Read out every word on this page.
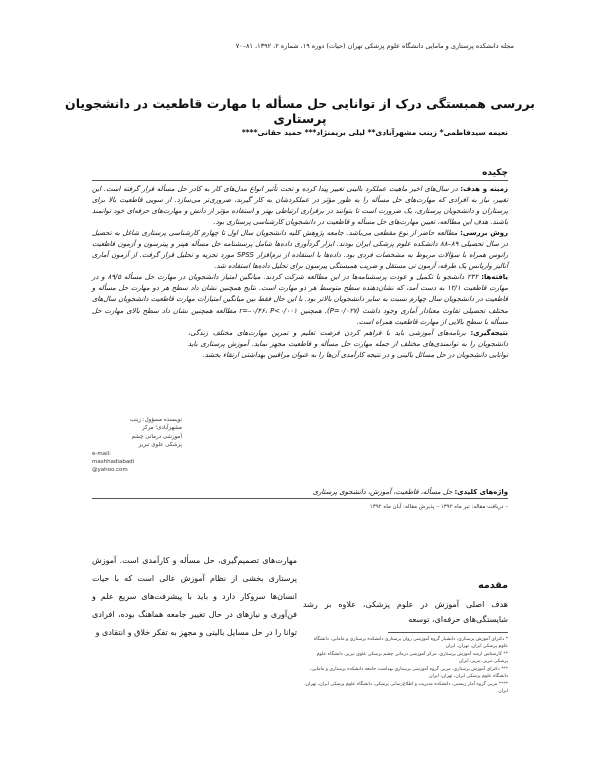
مجله دانشکده پرستاری و مامایی دانشگاه علوم پزشکی تهران (حیات) دوره ۱۹، شماره ۲، ۱۳۹۲، ۸۱–۷۰
بررسی همبستگی درک از توانایی حل مسأله با مهارت قاطعیت در دانشجویان پرستاری
نعیمه سیدفاطمی* زینب مشهرآبادی** لیلی بریمنژاد*** حمید حقانی****
چکیده

زمینه و هدف: در سال‌های اخیر ماهیت عملکرد بالینی تغییر پیدا کرده و تحت تأثیر انواع مدل‌های کار به کادر حل مسأله قرار گرفته است. این تغییر، نیاز به افرادی که مهارت‌های حل مسأله را به طور مؤثر در عملکردشان به کار گیرند، ضروری‌تر می‌سازد. از سویی قاطعیت بالا برای پرستاران و دانشجویان پرستاری، یک ضرورت است تا بتوانند در برقراری ارتباطی بهتر و استفاده مؤثر از دانش و مهارت‌های حرفه‌ای خود توانمند باشند. هدف این مطالعه، تعیین مهارت‌های حل مسأله و قاطعیت در دانشجویان کارشناسی پرستاری بود.

روش بررسی: مطالعه حاضر از نوع مقطعی می‌باشد. جامعه پژوهش کلیه دانشجویان سال اول تا چهارم کارشناسی پرستاری شاغل به تحصیل در سال تحصیلی ۸۹–۸۸ دانشکده علوم پزشکی ایران بودند. ابزار گردآوری داده‌ها شامل پرسشنامه حل مسأله هپنر و پیترسون و آزمون قاطعیت راتوس همراه با سؤالات مربوط به مشخصات فردی بود. داده‌ها با استفاده از نرم‌افزار SPSS مورد تجزیه و تحلیل قرار گرفت. از آزمون آماری آنالیز واریانس یک طرفه، آزمون تی مستقل و ضریب همبستگی پیرسون برای تحلیل داده‌ها استفاده شد.

یافته‌ها: ۲۳۲ دانشجو با تکمیل و عودت پرسشنامه‌ها در این مطالعه شرکت کردند. میانگین امتیاز دانشجویان در مهارت حل مسأله ۸۹/۵ و در مهارت قاطعیت ۱۲/۱ به دست آمد، که نشان‌دهنده سطح متوسط هر دو مهارت است. نتایج همچنین نشان داد سطح هر دو مهارت حل مسأله و قاطعیت در دانشجویان سال چهارم نسبت به سایر دانشجویان بالاتر بود. با این حال فقط بین میانگین امتیازات مهارت قاطعیت دانشجویان سال‌های مختلف تحصیلی تفاوت معنادار آماری وجود داشت (P=۰/۰۲۷). همچنین r=–۰/۴۶، P<۰/۰۰۱ مطالعه همچنین نشان داد سطح بالای مهارت حل مسأله با سطح بالایی از مهارت قاطعیت همراه است.

نتیجه‌گیری: برنامه‌های آموزشی باید با فراهم کردن فرصت تعلیم و تمرین مهارت‌های مختلف زندگی، دانشجویان را به توانمندی‌های مختلف از جمله مهارت حل مسأله و قاطعیت مجهز نماید. آموزش پرستاری باید توانایی دانشجویان در حل مسائل بالینی و در نتیجه کارآمدی آن‌ها را به عنوان مراقبین بهداشتی ارتقاء بخشد.

نویسنده مسؤول: زینب
مشهرآبادی؛ مرکز
آموزشی درمانی چشم
پزشکی علوی تبریز
e-mail:
mashhadiabadi
@yahoo.com
واژه‌های کلیدی: حل مسأله، قاطعیت، آموزش، دانشجوی پرستاری
– دریافت مقاله: تیر ماه ۱۳۹۲ – پذیرش مقاله: آبان ماه ۱۳۹۲
مقدمه

هدف اصلی آموزش در علوم پزشکی، علاوه بر رشد شایستگی‌های حرفه‌ای، توسعه

مهارت‌های تصمیم‌گیری، حل مسأله و کارآمدی است. آموزش پرستاری بخشی از نظام آموزش عالی است که با حیات انسان‌ها سروکار دارد و باید با پیشرفت‌های سریع علم و فن‌آوری و نیازهای در حال تغییر جامعه هماهنگ بوده، افرادی توانا را در حل مسایل بالینی و مجهز به تفکر خلاق و انتقادی و

* دکترای آموزش پرستاری، دانشیار گروه آموزشی روان پرستاری دانشکده پرستاری و مامایی، دانشگاه علوم پزشکی ایران، تهران، ایران

** کارشناس ارشد آموزش پرستاری، مرکز آموزشی درمانی چشم پزشکی علوی تبریز، دانشگاه علوم پزشکی تبریز، تبریز، ایران

*** دکترای آموزش پرستاری، مربی گروه آموزشی پرستاری بهداشت جامعه دانشکده پرستاری و مامایی، دانشگاه علوم پزشکی ایران، تهران، ایران

**** مربی گروه آمار زیستی، دانشکده مدیریت و اطلاع‌رسانی پزشکی، دانشگاه علوم پزشکی ایران، تهران، ایران
